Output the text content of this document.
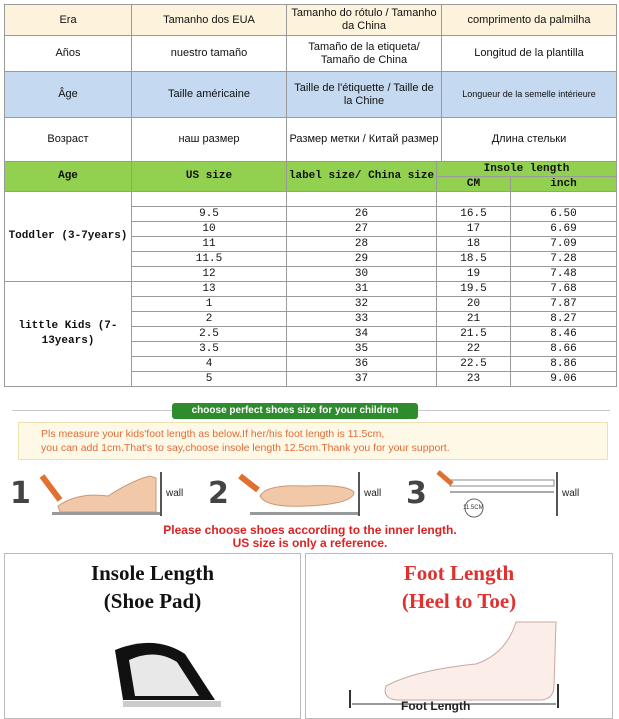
Era	Tamanho dos EUA	Tamanho do rótulo / Tamanho da China	comprimento da palmilha
Años	nuestro tamaño	Tamaño de la etiqueta/ Tamaño de China	Longitud de la plantilla
Âge	Taille américaine	Taille de l'étiquette / Taille de la Chine	Longueur de la semelle intérieure
Возраст	наш размер	Размер метки / Китай размер	Длина стельки
Age	US size	label size/ China size	Insole length	
			CM	inch
Toddler (3-7years)				
	9.5	26	16.5	6.50
	10	27	17	6.69
	11	28	18	7.09
	11.5	29	18.5	7.28
	12	30	19	7.48
little Kids (7-13years)	13	31	19.5	7.68
	1	32	20	7.87
	2	33	21	8.27
	2.5	34	21.5	8.46
	3.5	35	22	8.66
	4	36	22.5	8.86
	5	37	23	9.06
choose perfect shoes size for your children
Pls measure your kids'foot length as below.If her/his foot length is 11.5cm,
you can add 1cm.That's to say,choose insole length 12.5cm.Thank you for your support.
1	wall 2	wall 3	11.5CM
wall
Please choose shoes according to the inner length.
US size is only a reference.
Insole Length
(Shoe Pad)
Foot Length
(Heel to Toe)
Foot Length
